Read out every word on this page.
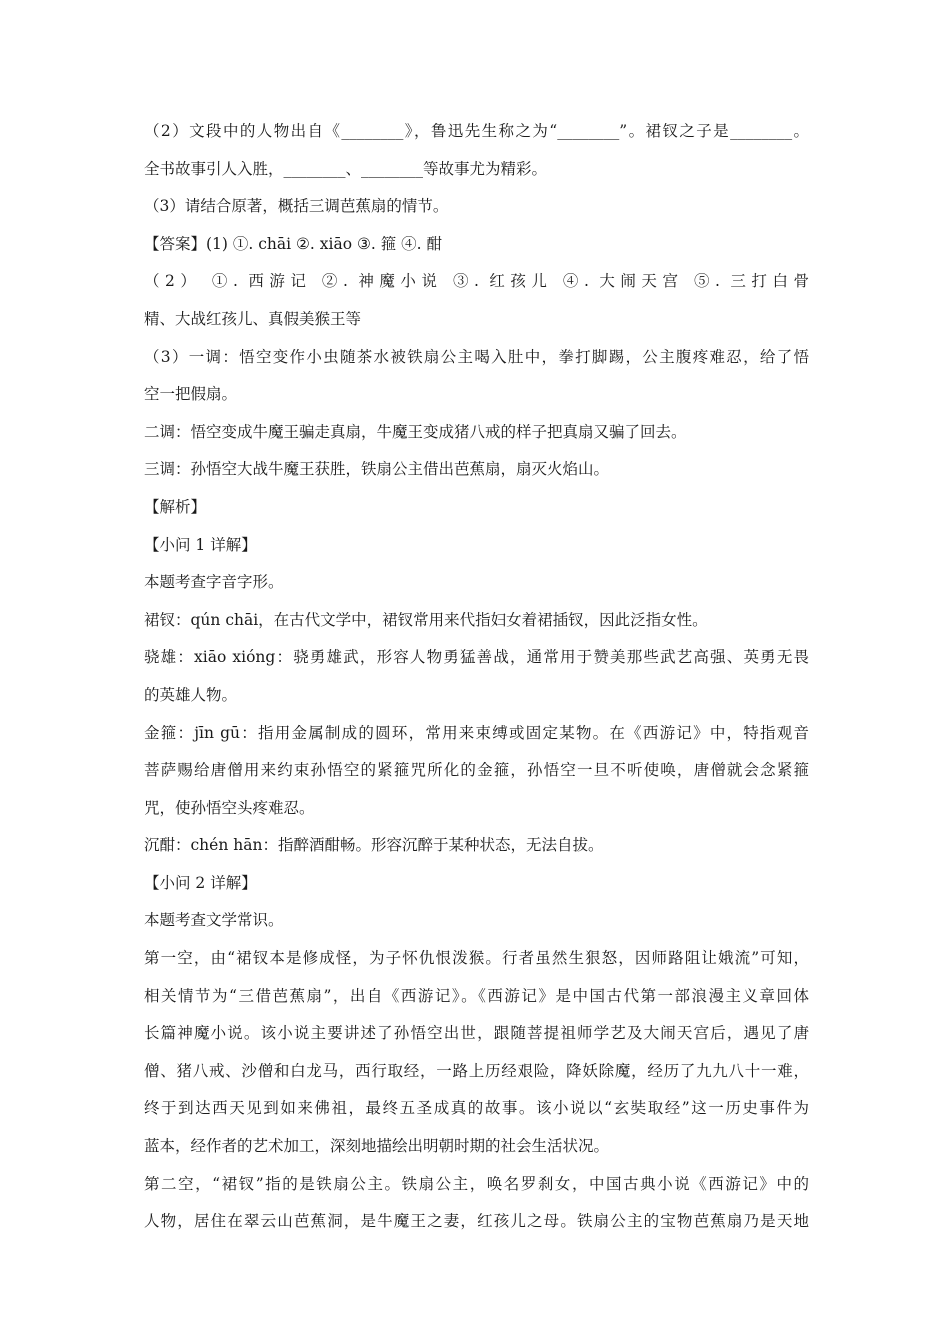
（2）文段中的人物出自《________》，鲁迅先生称之为“________”。裙钗之子是________。
全书故事引人入胜，________、________等故事尤为精彩。
（3）请结合原著，概括三调芭蕉扇的情节。
【答案】(1) ①. chāi ②. xiāo ③. 箍 ④. 酣
（2） ①. 西游记 ②. 神魔小说 ③. 红孩儿 ④. 大闹天宫 ⑤. 三打白骨
精、大战红孩儿、真假美猴王等
（3）一调：悟空变作小虫随茶水被铁扇公主喝入肚中，拳打脚踢，公主腹疼难忍，给了悟
空一把假扇。
二调：悟空变成牛魔王骗走真扇，牛魔王变成猪八戒的样子把真扇又骗了回去。
三调：孙悟空大战牛魔王获胜，铁扇公主借出芭蕉扇，扇灭火焰山。
【解析】
【小问 1 详解】
本题考查字音字形。
裙钗：qún chāi，在古代文学中，裙钗常用来代指妇女着裙插钗，因此泛指女性。
骁雄：xiāo xióng：骁勇雄武，形容人物勇猛善战，通常用于赞美那些武艺高强、英勇无畏
的英雄人物。
金箍：jīn gū：指用金属制成的圆环，常用来束缚或固定某物。在《西游记》中，特指观音
菩萨赐给唐僧用来约束孙悟空的紧箍咒所化的金箍，孙悟空一旦不听使唤，唐僧就会念紧箍
咒，使孙悟空头疼难忍。
沉酣：chén hān：指醉酒酣畅。形容沉醉于某种状态，无法自拔。
【小问 2 详解】
本题考查文学常识。
第一空，由“裙钗本是修成怪，为子怀仇恨泼猴。行者虽然生狠怒，因师路阻让娥流”可知，
相关情节为“三借芭蕉扇”，出自《西游记》。《西游记》是中国古代第一部浪漫主义章回体
长篇神魔小说。该小说主要讲述了孙悟空出世，跟随菩提祖师学艺及大闹天宫后，遇见了唐
僧、猪八戒、沙僧和白龙马，西行取经，一路上历经艰险，降妖除魔，经历了九九八十一难，
终于到达西天见到如来佛祖，最终五圣成真的故事。该小说以“玄奘取经”这一历史事件为
蓝本，经作者的艺术加工，深刻地描绘出明朝时期的社会生活状况。
第二空，“裙钗”指的是铁扇公主。铁扇公主，唤名罗刹女，中国古典小说《西游记》中的
人物，居住在翠云山芭蕉洞，是牛魔王之妻，红孩儿之母。铁扇公主的宝物芭蕉扇乃是天地
